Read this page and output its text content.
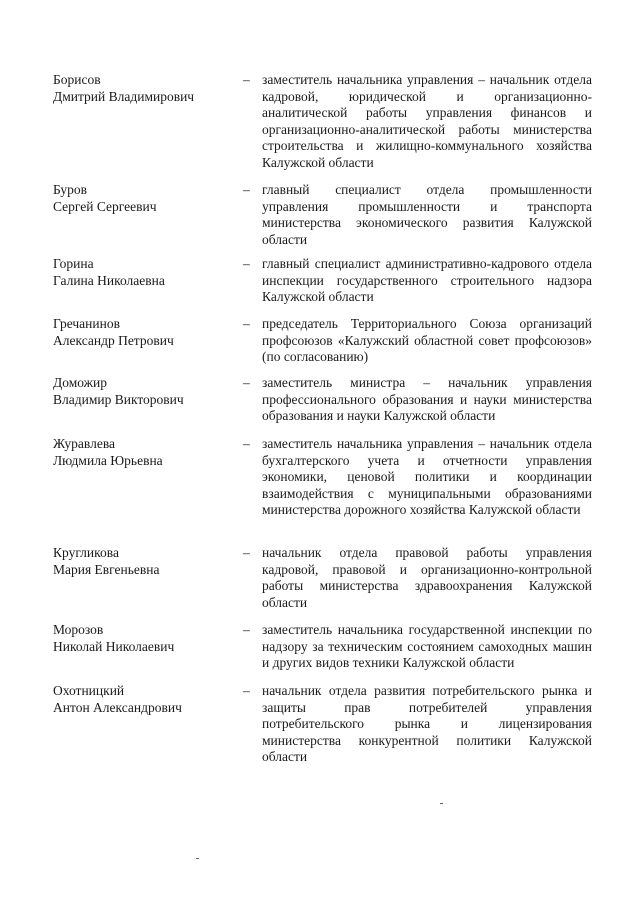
Борисов
Дмитрий Владимирович
– заместитель начальника управления – начальник отдела кадровой, юридической и организационно-аналитической работы управления финансов и организационно-аналитической работы министерства строительства и жилищно-коммунального хозяйства Калужской области
Буров
Сергей Сергеевич
– главный специалист отдела промышленности управления промышленности и транспорта министерства экономического развития Калужской области
Горина
Галина Николаевна
– главный специалист административно-кадрового отдела инспекции государственного строительного надзора Калужской области
Гречанинов
Александр Петрович
– председатель Территориального Союза организаций профсоюзов «Калужский областной совет профсоюзов» (по согласованию)
Доможир
Владимир Викторович
– заместитель министра – начальник управления профессионального образования и науки министерства образования и науки Калужской области
Журавлева
Людмила Юрьевна
– заместитель начальника управления – начальник отдела бухгалтерского учета и отчетности управления экономики, ценовой политики и координации взаимодействия с муниципальными образованиями министерства дорожного хозяйства Калужской области
Кругликова
Мария Евгеньевна
– начальник отдела правовой работы управления кадровой, правовой и организационно-контрольной работы министерства здравоохранения Калужской области
Морозов
Николай Николаевич
– заместитель начальника государственной инспекции по надзору за техническим состоянием самоходных машин и других видов техники Калужской области
Охотницкий
Антон Александрович
– начальник отдела развития потребительского рынка и защиты прав потребителей управления потребительского рынка и лицензирования министерства конкурентной политики Калужской области
